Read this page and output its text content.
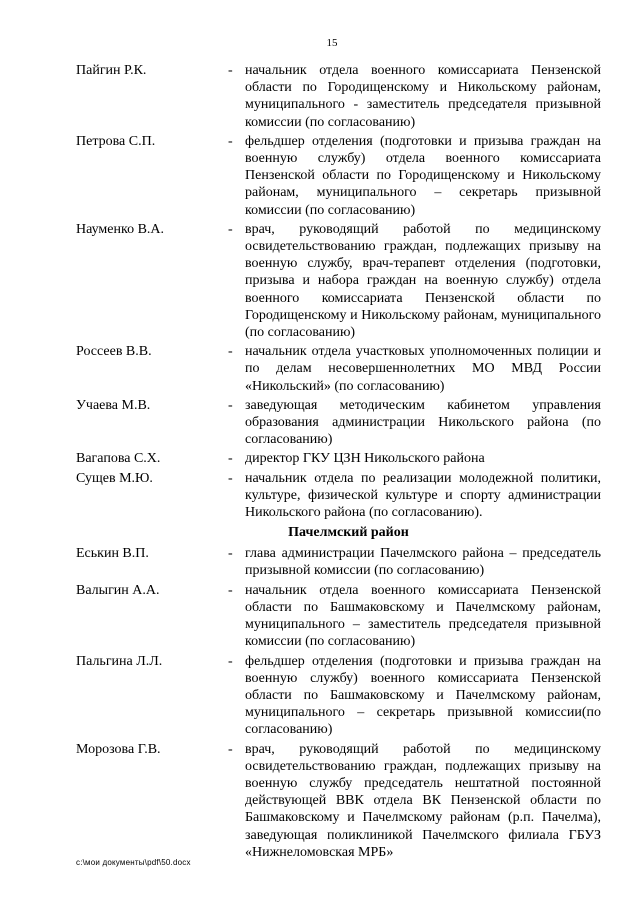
15
Пайгин Р.К.	- начальник отдела военного комиссариата Пензенской области по Городищенскому и Никольскому районам, муниципального - заместитель председателя призывной комиссии (по согласованию)
Петрова С.П.	- фельдшер отделения (подготовки и призыва граждан на военную службу) отдела военного комиссариата Пензенской области по Городищенскому и Никольскому районам, муниципального – секретарь призывной комиссии (по согласованию)
Науменко В.А.	- врач, руководящий работой по медицинскому освидетельствованию граждан, подлежащих призыву на военную службу, врач-терапевт отделения (подготовки, призыва и набора граждан на военную службу) отдела военного комиссариата Пензенской области по Городищенскому и Никольскому районам, муниципального (по согласованию)
Россеев В.В.	- начальник отдела участковых уполномоченных полиции и по делам несовершеннолетних МО МВД России «Никольский» (по согласованию)
Учаева М.В.	- заведующая методическим кабинетом управления образования администрации Никольского района (по согласованию)
Вагапова С.Х.	- директор ГКУ ЦЗН Никольского района
Сущев М.Ю.	- начальник отдела по реализации молодежной политики, культуре, физической культуре и спорту администрации Никольского района (по согласованию).
Пачелмский район
Еськин В.П.	- глава администрации Пачелмского района – председатель призывной комиссии (по согласованию)
Валыгин А.А.	- начальник отдела военного комиссариата Пензенской области по Башмаковскому и Пачелмскому районам, муниципального – заместитель председателя призывной комиссии (по согласованию)
Пальгина Л.Л.	- фельдшер отделения (подготовки и призыва граждан на военную службу) военного комиссариата Пензенской области по Башмаковскому и Пачелмскому районам, муниципального – секретарь призывной комиссии(по согласованию)
Морозова Г.В.	- врач, руководящий работой по медицинскому освидетельствованию граждан, подлежащих призыву на военную службу председатель нештатной постоянной действующей ВВК отдела ВК Пензенской области по Башмаковскому и Пачелмскому районам (р.п. Пачелма), заведующая поликлиникой Пачелмского филиала ГБУЗ «Нижнеломовская МРБ»
c:\мои документы\pdf\50.docx
